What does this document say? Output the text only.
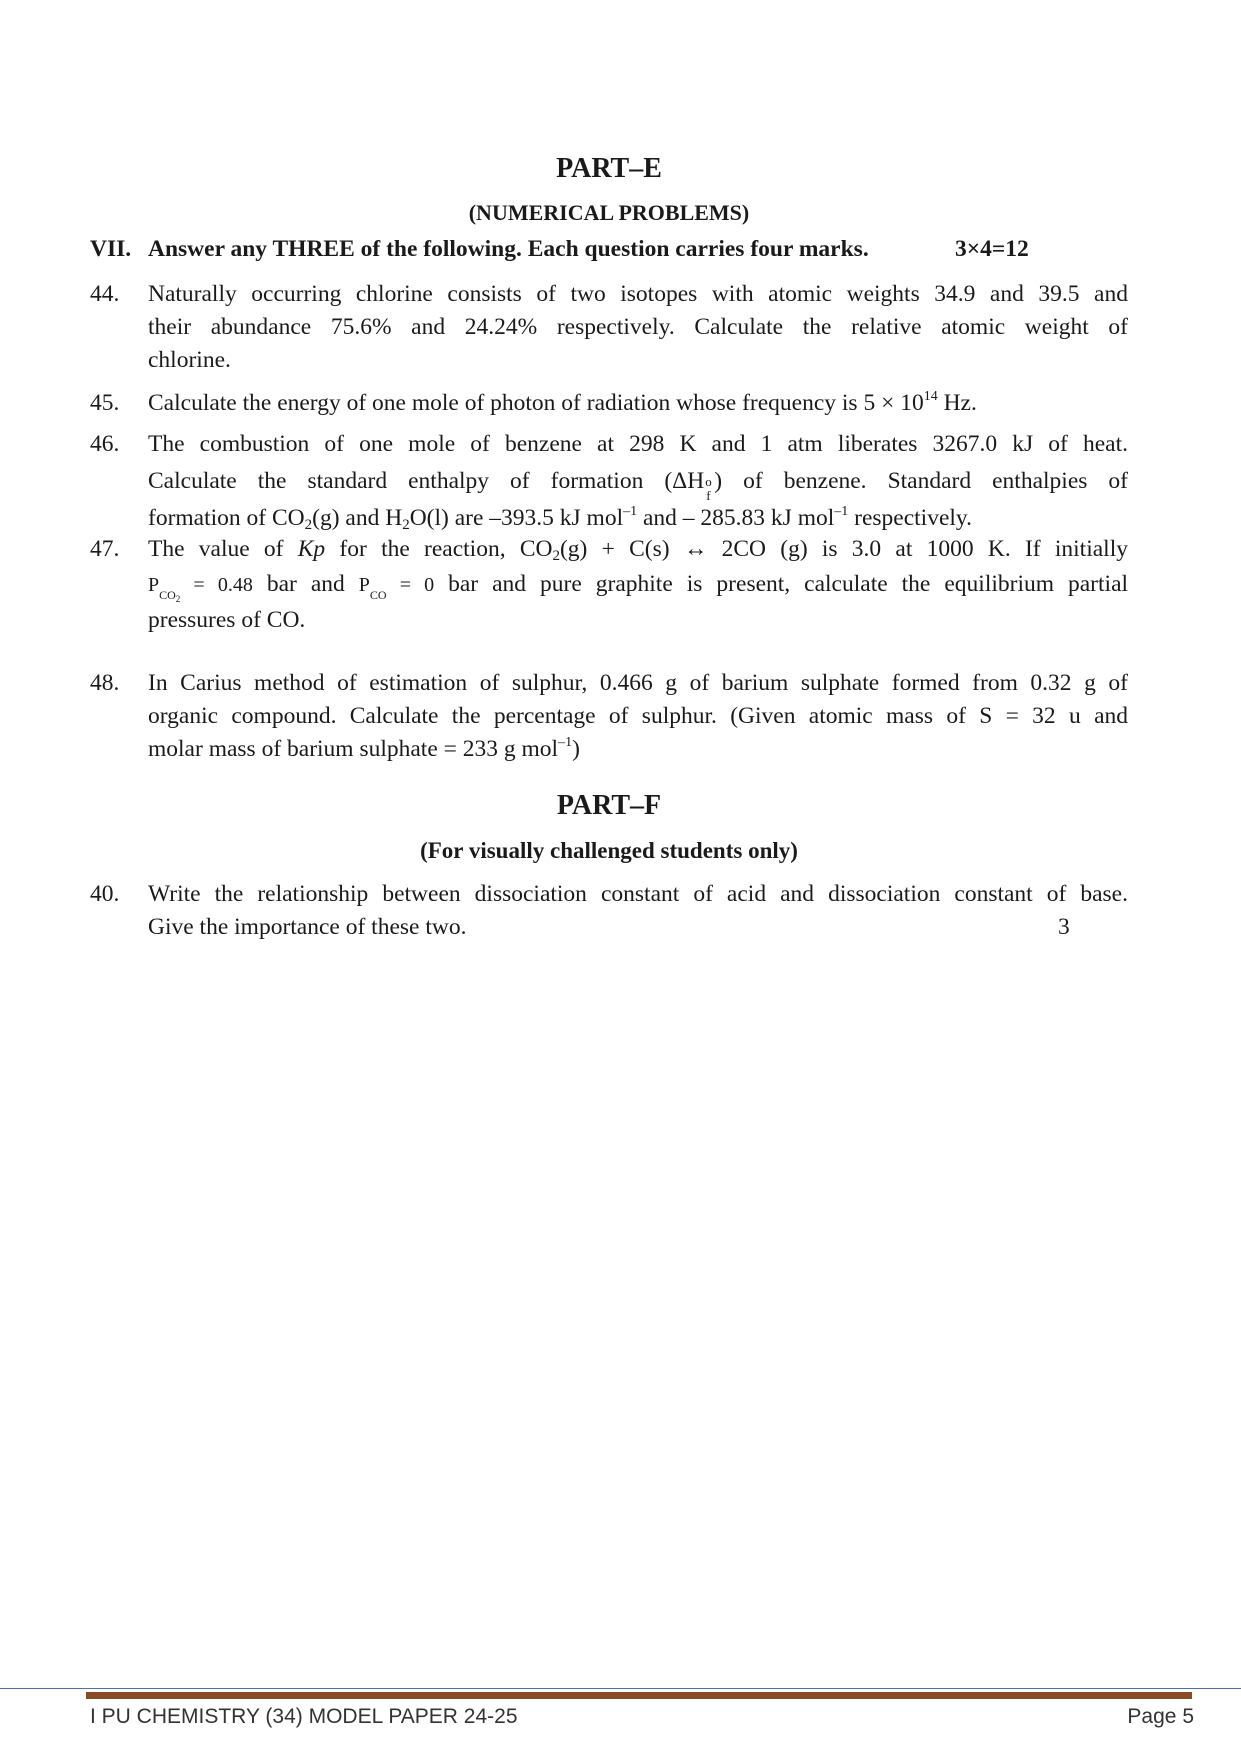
PART–E
(NUMERICAL PROBLEMS)
VII. Answer any THREE of the following. Each question carries four marks.	3×4=12
44.	Naturally occurring chlorine consists of two isotopes with atomic weights 34.9 and 39.5 and
their abundance 75.6% and 24.24% respectively. Calculate the relative atomic weight of
chlorine.
45.	Calculate the energy of one mole of photon of radiation whose frequency is $5 \times 10^{14}$ Hz.
46.	The combustion of one mole of benzene at 298 K and 1 atm liberates 3267.0 kJ of heat.
Calculate the standard enthalpy of formation (ΔH o
f
) of benzene. Standard enthalpies of
formation of $CO_2(g)$ and $H_2O(l)$ are –393.5 kJ mol$^{-1}$ and – 285.83 kJ mol$^{-1}$ respectively.
47.	The value of Kp for the reaction, $CO_2(g) + C(s)$ ↔ 2CO (g) is 3.0 at 1000 K. If initially
$P_{CO2} = 0.48$ bar and $P_{CO} = 0$ bar and pure graphite is present, calculate the equilibrium partial
pressures of CO.
48.	In Carius method of estimation of sulphur, 0.466 g of barium sulphate formed from 0.32 g of
organic compound. Calculate the percentage of sulphur. (Given atomic mass of S = 32 u and
molar mass of barium sulphate = 233 g mol$^{-1}$)
PART–F
(For visually challenged students only)
40.	Write the relationship between dissociation constant of acid and dissociation constant of base.
Give the importance of these two.	3
I PU CHEMISTRY (34) MODEL PAPER 24-25	Page 5
